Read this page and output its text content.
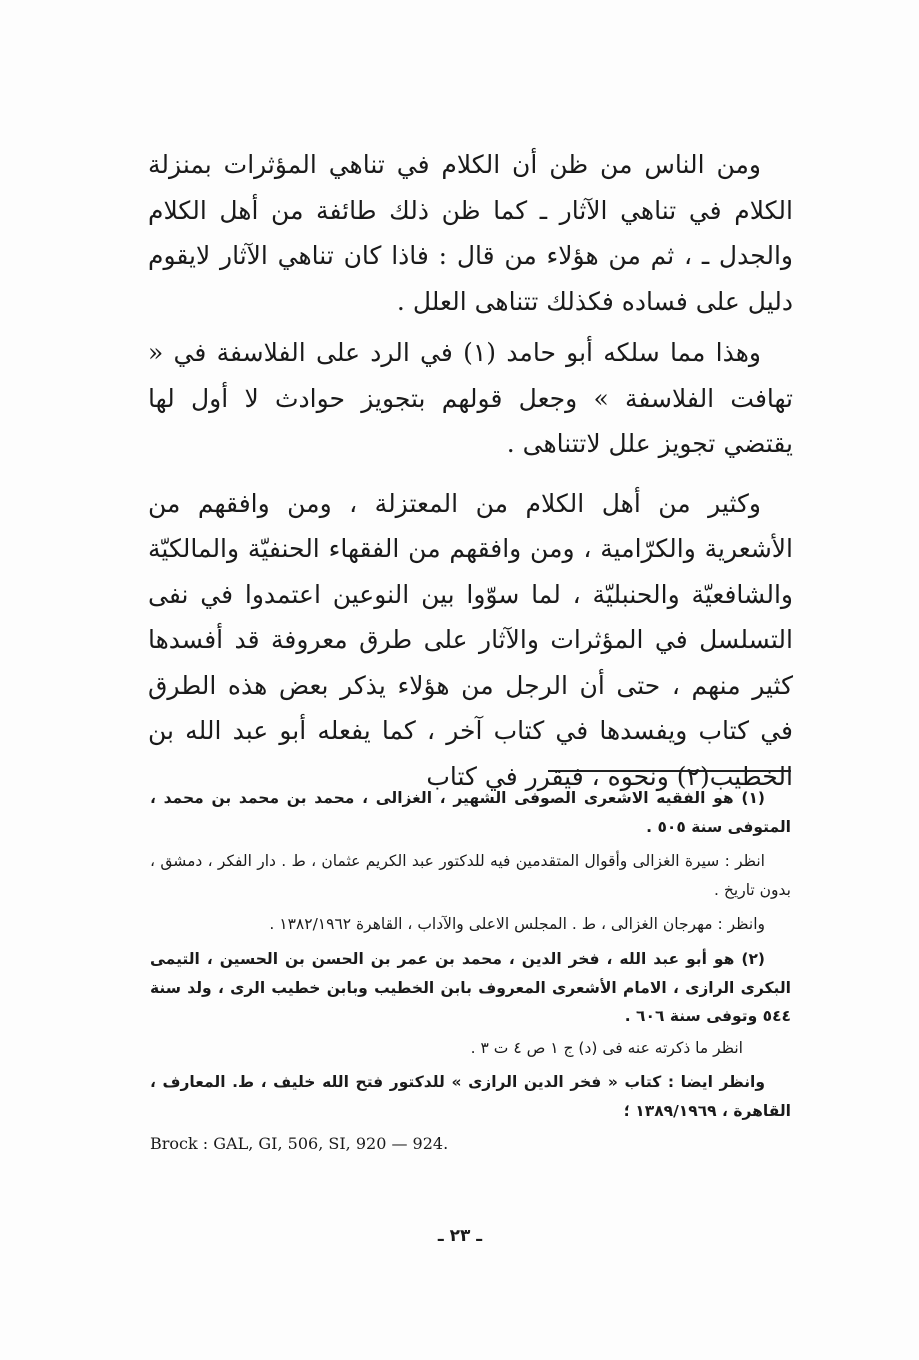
ومن الناس من ظن أن الكلام في تناهي المؤثرات بمنزلة الكلام في تناهي الآثار ـ كما ظن ذلك طائفة من أهل الكلام والجدل ـ ، ثم من هؤلاء من قال : فاذا كان تناهي الآثار لايقوم دليل على فساده فكذلك تتناهى العلل .

وهذا مما سلكه أبو حامد (١) في الرد على الفلاسفة في « تهافت الفلاسفة » وجعل قولهم بتجويز حوادث لا أول لها يقتضي تجويز علل لاتتناهى .

وكثير من أهل الكلام من المعتزلة ، ومن وافقهم من الأشعرية والكرّامية ، ومن وافقهم من الفقهاء الحنفيّة والمالكيّة والشافعيّة والحنبليّة ، لما سوّوا بين النوعين اعتمدوا في نفى التسلسل في المؤثرات والآثار على طرق معروفة قد أفسدها كثير منهم ، حتى أن الرجل من هؤلاء يذكر بعض هذه الطرق في كتاب ويفسدها في كتاب آخر ، كما يفعله أبو عبد الله بن الخطيب(٢) ونحوه ، فيقرر في كتاب

(١) هو الفقيه الاشعرى الصوفى الشهير ، الغزالى ، محمد بن محمد بن محمد ، المتوفى سنة ٥٠٥ .

انظر : سيرة الغزالى وأقوال المتقدمين فيه للدكتور عبد الكريم عثمان ، ط . دار الفكر ، دمشق ، بدون تاريخ .

وانظر : مهرجان الغزالى ، ط . المجلس الاعلى والآداب ، القاهرة ١٣٨٢/١٩٦٢ .

(٢) هو أبو عبد الله ، فخر الدين ، محمد بن عمر بن الحسن بن الحسين ، التيمى البكرى الرازى ، الامام الأشعرى المعروف بابن الخطيب وبابن خطيب الرى ، ولد سنة ٥٤٤ وتوفى سنة ٦٠٦ .

انظر ما ذكرته عنه فى (د) ج ١ ص ٤ ت ٣ .

وانظر ايضا : كتاب « فخر الدين الرازى » للدكتور فتح الله خليف ، ط. المعارف ، القاهرة ، ١٣٨٩/١٩٦٩ ؛

Brock : GAL, GI, 506, SI, 920 — 924.

ـ ٢٣ ـ
